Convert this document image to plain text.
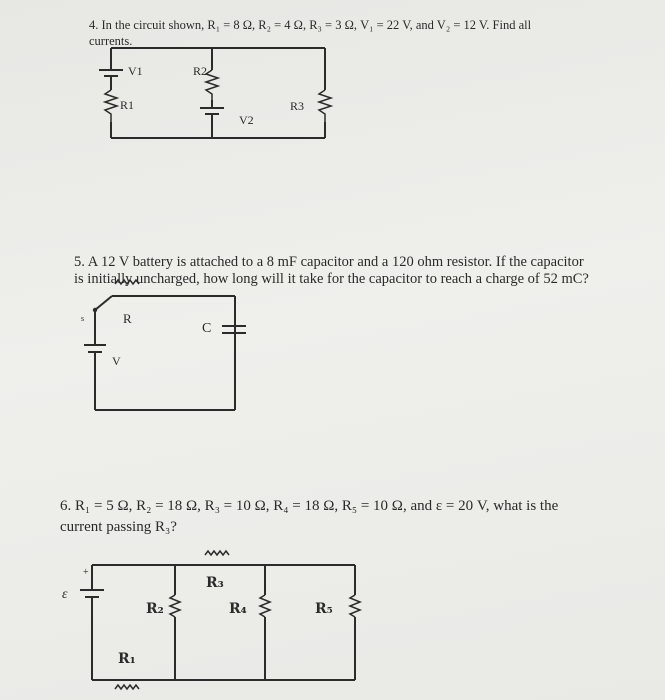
4. In the circuit shown, R₁ = 8 Ω, R₂ = 4 Ω, R₃ = 3 Ω, V₁ = 22 V, and V₂ = 12 V. Find all

currents.

V1	R2
R1
V2
R3

5. A 12 V battery is attached to a 8 mF capacitor and a 120 ohm resistor. If the capacitor

is initially uncharged, how long will it take for the capacitor to reach a charge of 52 mC?

R
C
V
s

6. R₁ = 5 Ω, R₂ = 18 Ω, R₃ = 10 Ω, R₄ = 18 Ω, R₅ = 10 Ω, and ε = 20 V, what is the

current passing R₃?

R₃
R₂	R₄	R₅
R₁
ε
+
